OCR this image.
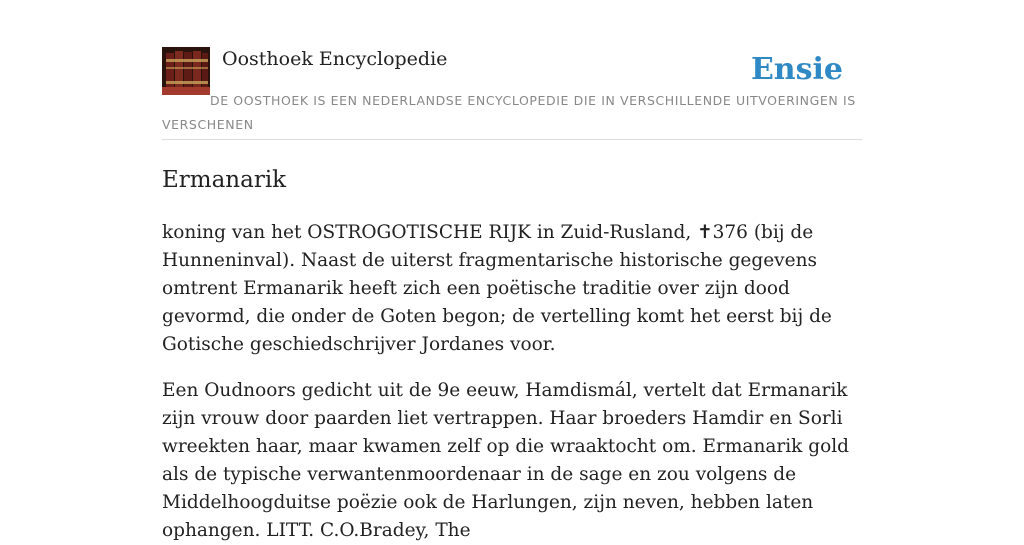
Oosthoek Encyclopedie	Ensie
DE OOSTHOEK IS EEN NEDERLANDSE ENCYCLOPEDIE DIE IN VERSCHILLENDE UITVOERINGEN IS VERSCHENEN
Ermanarik

koning van het OSTROGOTISCHE RIJK in Zuid-Rusland, ✝376 (bij de Hunneninval). Naast de uiterst fragmentarische historische gegevens omtrent Ermanarik heeft zich een poëtische traditie over zijn dood gevormd, die onder de Goten begon; de vertelling komt het eerst bij de Gotische geschiedschrijver Jordanes voor.

Een Oudnoors gedicht uit de 9e eeuw, Hamdismál, vertelt dat Ermanarik zijn vrouw door paarden liet vertrappen. Haar broeders Hamdir en Sorli wreekten haar, maar kwamen zelf op die wraaktocht om. Ermanarik gold als de typische verwantenmoordenaar in de sage en zou volgens de Middelhoogduitse poëzie ook de Harlungen, zijn neven, hebben laten ophangen. LITT. C.O.Bradey, The
